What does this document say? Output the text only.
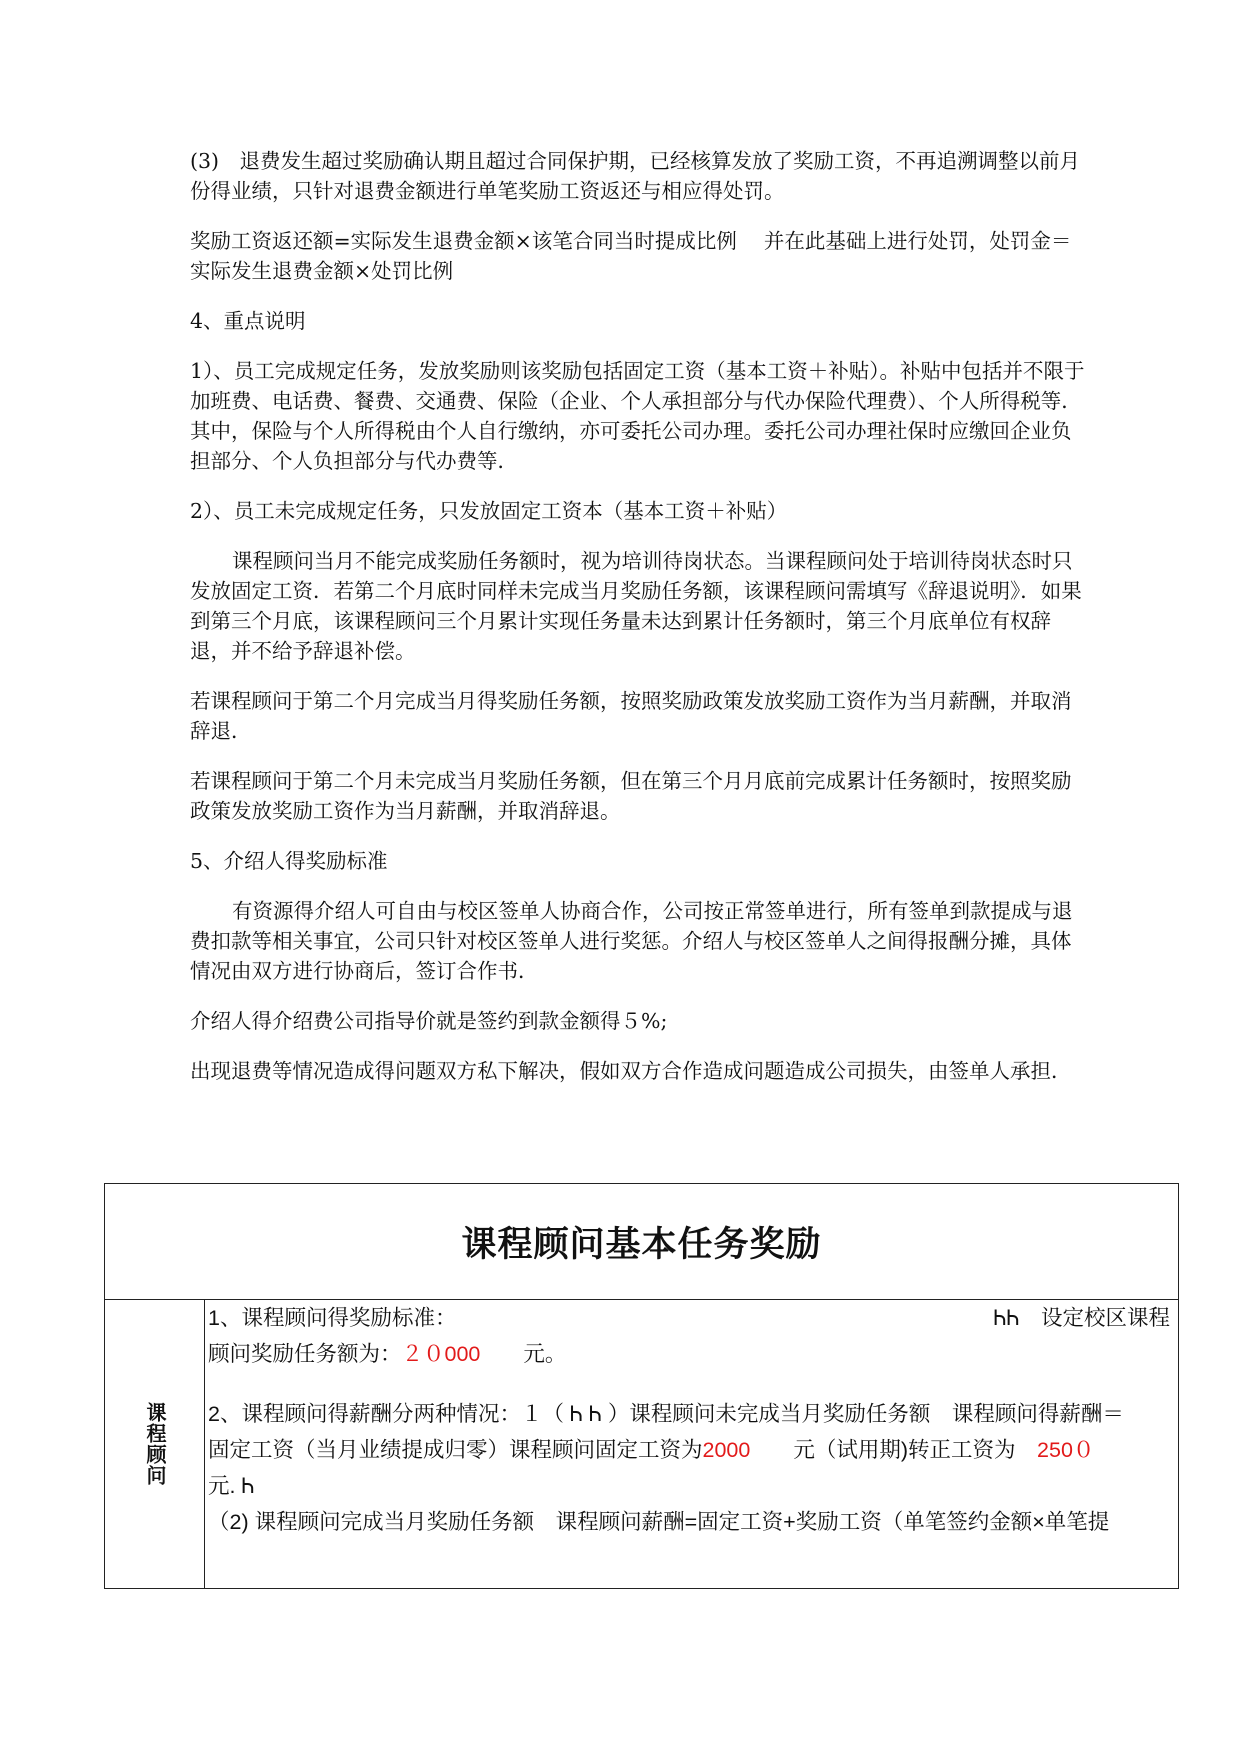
(3)　退费发生超过奖励确认期且超过合同保护期，已经核算发放了奖励工资，不再追溯调整以前月份得业绩，只针对退费金额进行单笔奖励工资返还与相应得处罚。

奖励工资返还额=实际发生退费金额×该笔合同当时提成比例　 并在此基础上进行处罚，处罚金＝实际发生退费金额×处罚比例

4、重点说明

1）、员工完成规定任务，发放奖励则该奖励包括固定工资（基本工资＋补贴）。补贴中包括并不限于加班费、电话费、餐费、交通费、保险（企业、个人承担部分与代办保险代理费）、个人所得税等．其中，保险与个人所得税由个人自行缴纳，亦可委托公司办理。委托公司办理社保时应缴回企业负担部分、个人负担部分与代办费等．

2）、员工未完成规定任务，只发放固定工资本（基本工资＋补贴）

课程顾问当月不能完成奖励任务额时，视为培训待岗状态。当课程顾问处于培训待岗状态时只发放固定工资．若第二个月底时同样未完成当月奖励任务额，该课程顾问需填写《辞退说明》．如果到第三个月底，该课程顾问三个月累计实现任务量未达到累计任务额时，第三个月底单位有权辞退，并不给予辞退补偿。

若课程顾问于第二个月完成当月得奖励任务额，按照奖励政策发放奖励工资作为当月薪酬，并取消辞退．

若课程顾问于第二个月未完成当月奖励任务额，但在第三个月月底前完成累计任务额时，按照奖励政策发放奖励工资作为当月薪酬，并取消辞退。

5、介绍人得奖励标准

有资源得介绍人可自由与校区签单人协商合作，公司按正常签单进行，所有签单到款提成与退费扣款等相关事宜，公司只针对校区签单人进行奖惩。介绍人与校区签单人之间得报酬分摊，具体情况由双方进行协商后，签订合作书．

介绍人得介绍费公司指导价就是签约到款金额得５%;

出现退费等情况造成得问题双方私下解决，假如双方合作造成问题造成公司损失，由签单人承担．

课程顾问基本任务奖励
课程顾问
1、课程顾问得奖励标准：	ᏂᏂ　设定校区课程
顾问奖励任务额为：２０000　　元。
2、课程顾问得薪酬分两种情况：１（ Ꮒ Ꮒ ）课程顾问未完成当月奖励任务额　课程顾问得薪酬＝
固定工资（当月业绩提成归零）课程顾问固定工资为2000　　元（试用期)转正工资为　250０
元. Ꮒ
（2) 课程顾问完成当月奖励任务额　课程顾问薪酬=固定工资+奖励工资（单笔签约金额×单笔提
